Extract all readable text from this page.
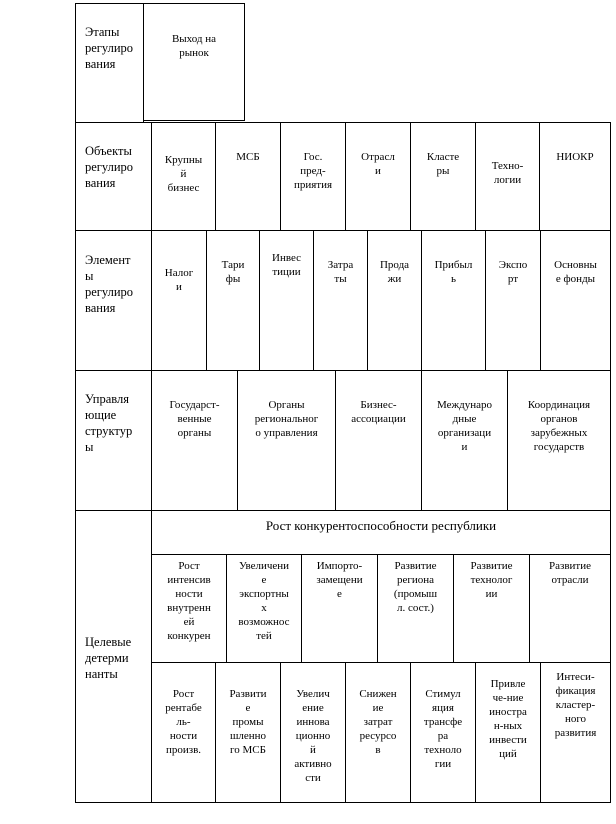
Этапы
регулиро
вания
Выход на
рынок
Объекты
регулиро
вания
Крупны
й
бизнес
МСБ	Гос.
пред-
приятия
Отрасл
и
Класте
ры	Техно-
логии
НИОКР
Элемент
ы
регулиро
вания
Налог
и
Тари
фы
Инвес
тиции
Затра
ты
Прода
жи
Прибыл
ь
Экспо
рт
Основны
е фонды
Управля
ющие
структур
ы
Государст-
венные
органы
Органы
региональног
о управления
Бизнес-
ассоциации
Междунаро
дные
организаци
и
Координация
органов
зарубежных
государств
Целевые
детерми
нанты
Рост конкурентоспособности республики
Рост
интенсив
ности
внутренн
ей
конкурен
Увеличени
е
экспортны
х
возможнос
тей
Импорто-
замещени
е
Развитие
региона
(промыш
л. сост.)
Развитие
технолог
ии
Развитие
отрасли
Рост
рентабе
ль-
ности
произв.
Развити
е
промы
шленно
го МСБ
Увелич
ение
иннова
ционно
й
активно
сти
Снижен
ие
затрат
ресурсо
в
Стимул
яция
трансфе
ра
техноло
гии
Привле
че-ние
иностра
н-ных
инвести
ций
Интеси-
фикация
кластер-
ного
развития
